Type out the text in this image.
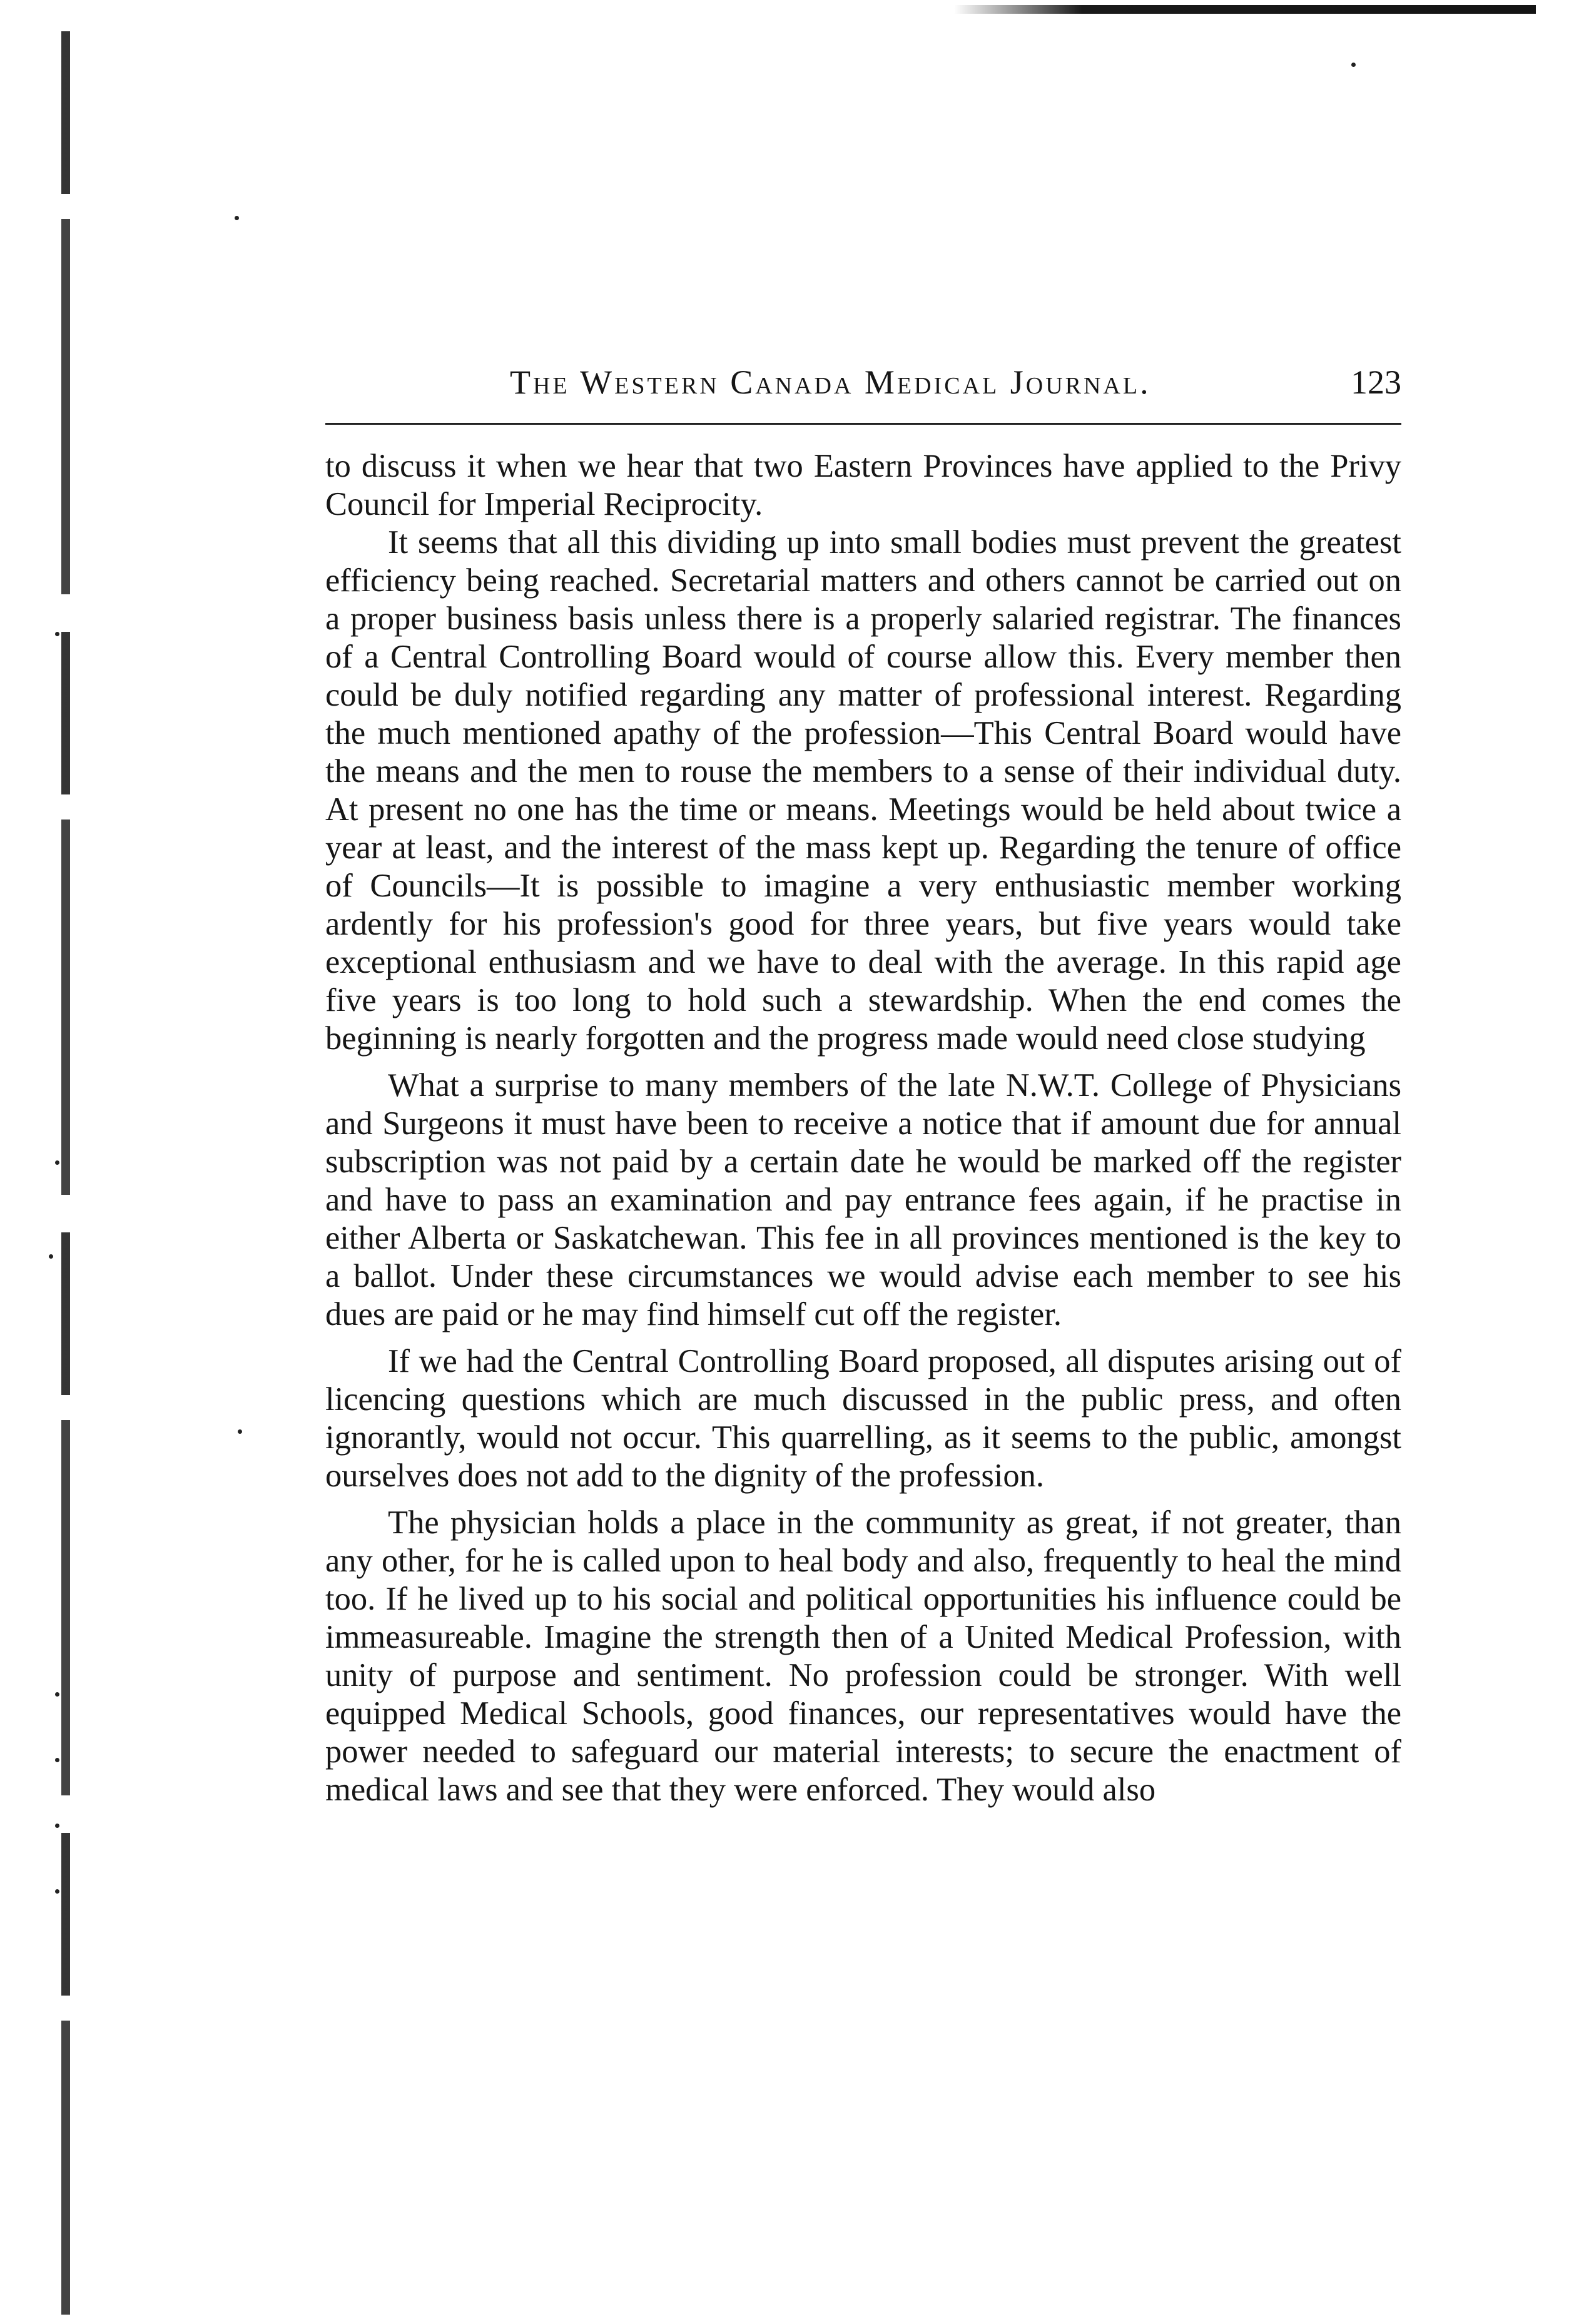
The Western Canada Medical Journal.	123

to discuss it when we hear that two Eastern Provinces have applied to the Privy Council for Imperial Reciprocity.

It seems that all this dividing up into small bodies must prevent the greatest efficiency being reached. Secretarial matters and others cannot be carried out on a proper business basis unless there is a properly salaried registrar. The finances of a Central Controlling Board would of course allow this. Every member then could be duly notified regarding any matter of professional interest. Regarding the much mentioned apathy of the profession—This Central Board would have the means and the men to rouse the members to a sense of their individual duty. At present no one has the time or means. Meetings would be held about twice a year at least, and the interest of the mass kept up. Regarding the tenure of office of Councils—It is possible to imagine a very enthusiastic member working ardently for his profession's good for three years, but five years would take exceptional enthusiasm and we have to deal with the average. In this rapid age five years is too long to hold such a stewardship. When the end comes the beginning is nearly forgotten and the progress made would need close studying

What a surprise to many members of the late N.W.T. College of Physicians and Surgeons it must have been to receive a notice that if amount due for annual subscription was not paid by a certain date he would be marked off the register and have to pass an examination and pay entrance fees again, if he practise in either Alberta or Saskatchewan. This fee in all provinces mentioned is the key to a ballot. Under these circumstances we would advise each member to see his dues are paid or he may find himself cut off the register.

If we had the Central Controlling Board proposed, all disputes arising out of licencing questions which are much discussed in the public press, and often ignorantly, would not occur. This quarrelling, as it seems to the public, amongst ourselves does not add to the dignity of the profession.

The physician holds a place in the community as great, if not greater, than any other, for he is called upon to heal body and also, frequently to heal the mind too. If he lived up to his social and political opportunities his influence could be immeasureable. Imagine the strength then of a United Medical Profession, with unity of purpose and sentiment. No profession could be stronger. With well equipped Medical Schools, good finances, our representatives would have the power needed to safeguard our material interests; to secure the enactment of medical laws and see that they were enforced. They would also
